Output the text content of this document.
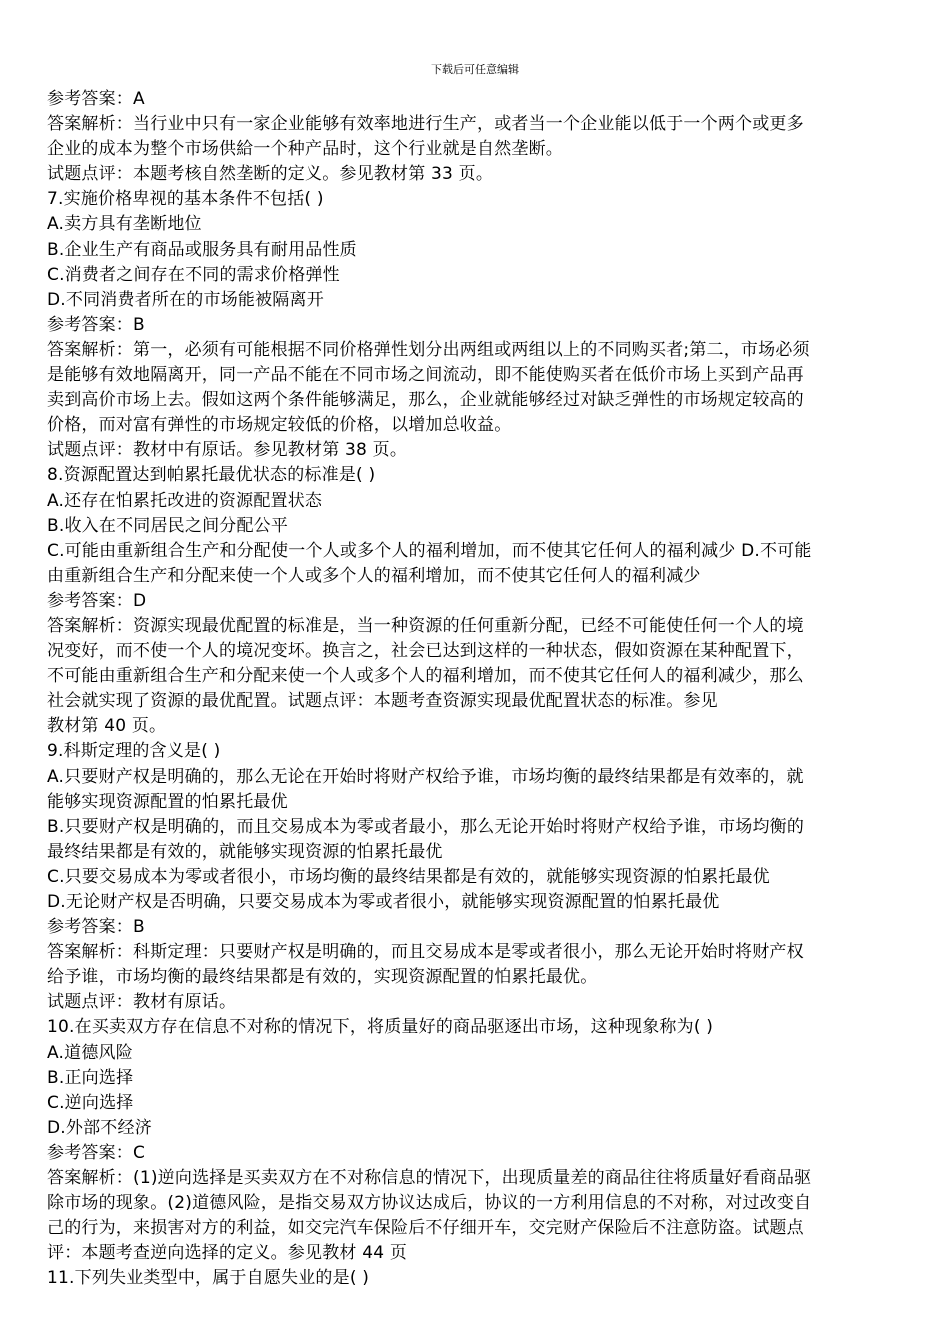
下载后可任意编辑
参考答案：A
答案解析：当行业中只有一家企业能够有效率地进行生产，或者当一个企业能以低于一个两个或更多
企业的成本为整个市场供給一个种产品时，这个行业就是自然垄断。
试题点评：本题考核自然垄断的定义。参见教材第 33 页。
7.实施价格卑视的基本条件不包括( )
A.卖方具有垄断地位
B.企业生产有商品或服务具有耐用品性质
C.消费者之间存在不同的需求价格弹性
D.不同消费者所在的市场能被隔离开
参考答案：B
答案解析：第一，必须有可能根据不同价格弹性划分出两组或两组以上的不同购买者;第二，市场必须
是能够有效地隔离开，同一产品不能在不同市场之间流动，即不能使购买者在低价市场上买到产品再
卖到高价市场上去。假如这两个条件能够满足，那么，企业就能够经过对缺乏弹性的市场规定较高的
价格，而对富有弹性的市场规定较低的价格，以增加总收益。
试题点评：教材中有原话。参见教材第 38 页。
8.资源配置达到帕累托最优状态的标准是( )
A.还存在怕累托改进的资源配置状态
B.收入在不同居民之间分配公平
C.可能由重新组合生产和分配使一个人或多个人的福利增加，而不使其它任何人的福利减少 D.不可能
由重新组合生产和分配来使一个人或多个人的福利增加，而不使其它任何人的福利减少
参考答案：D
答案解析：资源实现最优配置的标准是，当一种资源的任何重新分配，已经不可能使任何一个人的境
况变好，而不使一个人的境况变坏。换言之，社会已达到这样的一种状态，假如资源在某种配置下，
不可能由重新组合生产和分配来使一个人或多个人的福利增加，而不使其它任何人的福利减少，那么
社会就实现了资源的最优配置。试题点评：本题考查资源实现最优配置状态的标准。参见
教材第 40 页。
9.科斯定理的含义是( )
A.只要财产权是明确的，那么无论在开始时将财产权给予谁，市场均衡的最终结果都是有效率的，就
能够实现资源配置的怕累托最优
B.只要财产权是明确的，而且交易成本为零或者最小，那么无论开始时将财产权给予谁，市场均衡的
最终结果都是有效的，就能够实现资源的怕累托最优
C.只要交易成本为零或者很小，市场均衡的最终结果都是有效的，就能够实现资源的怕累托最优
D.无论财产权是否明确，只要交易成本为零或者很小，就能够实现资源配置的怕累托最优
参考答案：B
答案解析：科斯定理：只要财产权是明确的，而且交易成本是零或者很小，那么无论开始时将财产权
给予谁，市场均衡的最终结果都是有效的，实现资源配置的怕累托最优。
试题点评：教材有原话。
10.在买卖双方存在信息不对称的情况下，将质量好的商品驱逐出市场，这种现象称为( )
A.道德风险
B.正向选择
C.逆向选择
D.外部不经济
参考答案：C
答案解析：(1)逆向选择是买卖双方在不对称信息的情况下，出现质量差的商品往往将质量好看商品驱
除市场的现象。(2)道德风险，是指交易双方协议达成后，协议的一方利用信息的不对称，对过改变自
己的行为，来损害对方的利益，如交完汽车保险后不仔细开车，交完财产保险后不注意防盗。试题点
评：本题考查逆向选择的定义。参见教材 44 页
11.下列失业类型中，属于自愿失业的是( )
